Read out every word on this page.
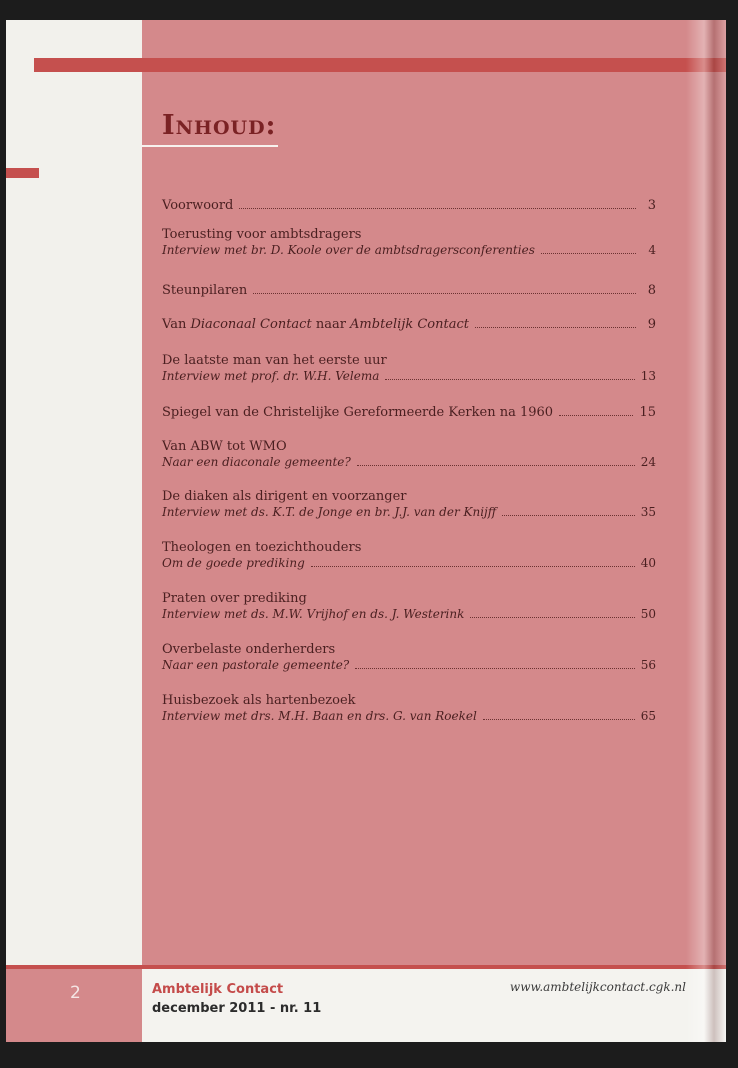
Inhoud:
Voorwoord	3
Toerusting voor ambtsdragers
Interview met br. D. Koole over de ambtsdragersconferenties	4
Steunpilaren	8
Van Diaconaal Contact naar Ambtelijk Contact	9
De laatste man van het eerste uur
Interview met prof. dr. W.H. Velema	13
Spiegel van de Christelijke Gereformeerde Kerken na 1960	15
Van ABW tot WMO
Naar een diaconale gemeente?	24
De diaken als dirigent en voorzanger
Interview met ds. K.T. de Jonge en br. J.J. van der Knijff	35
Theologen en toezichthouders
Om de goede prediking	40
Praten over prediking
Interview met ds. M.W. Vrijhof en ds. J. Westerink	50
Overbelaste onderherders
Naar een pastorale gemeente?	56
Huisbezoek als hartenbezoek
Interview met drs. M.H. Baan en drs. G. van Roekel	65
2	Ambtelijk Contact
december 2011 - nr. 11
www.ambtelijkcontact.cgk.nl
